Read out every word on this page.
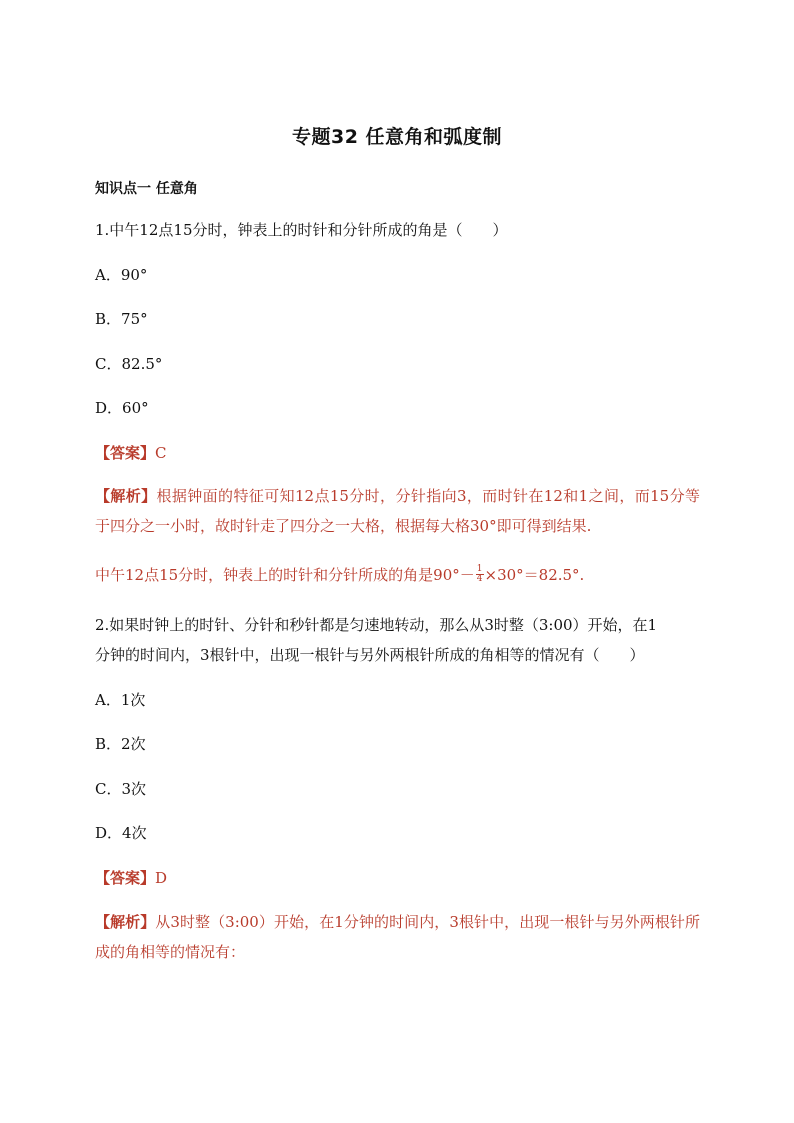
专题32 任意角和弧度制
知识点一 任意角
1.中午12点15分时，钟表上的时针和分针所成的角是（　　）
A．90°
B．75°
C．82.5°
D．60°
【答案】C
【解析】根据钟面的特征可知12点15分时，分针指向3，而时针在12和1之间，而15分等于四分之一小时，故时针走了四分之一大格，根据每大格30°即可得到结果.
中午12点15分时，钟表上的时针和分针所成的角是$90^\circ- \frac{1}{4} \times 30^\circ=82.5^\circ$.
2.如果时钟上的时针、分针和秒针都是匀速地转动，那么从3时整（3:00）开始，在1
分钟的时间内，3根针中，出现一根针与另外两根针所成的角相等的情况有（　　）
A．1次
B．2次
C．3次
D．4次
【答案】D
【解析】从3时整（3:00）开始，在1分钟的时间内，3根针中，出现一根针与另外两根针所成的角相等的情况有：
